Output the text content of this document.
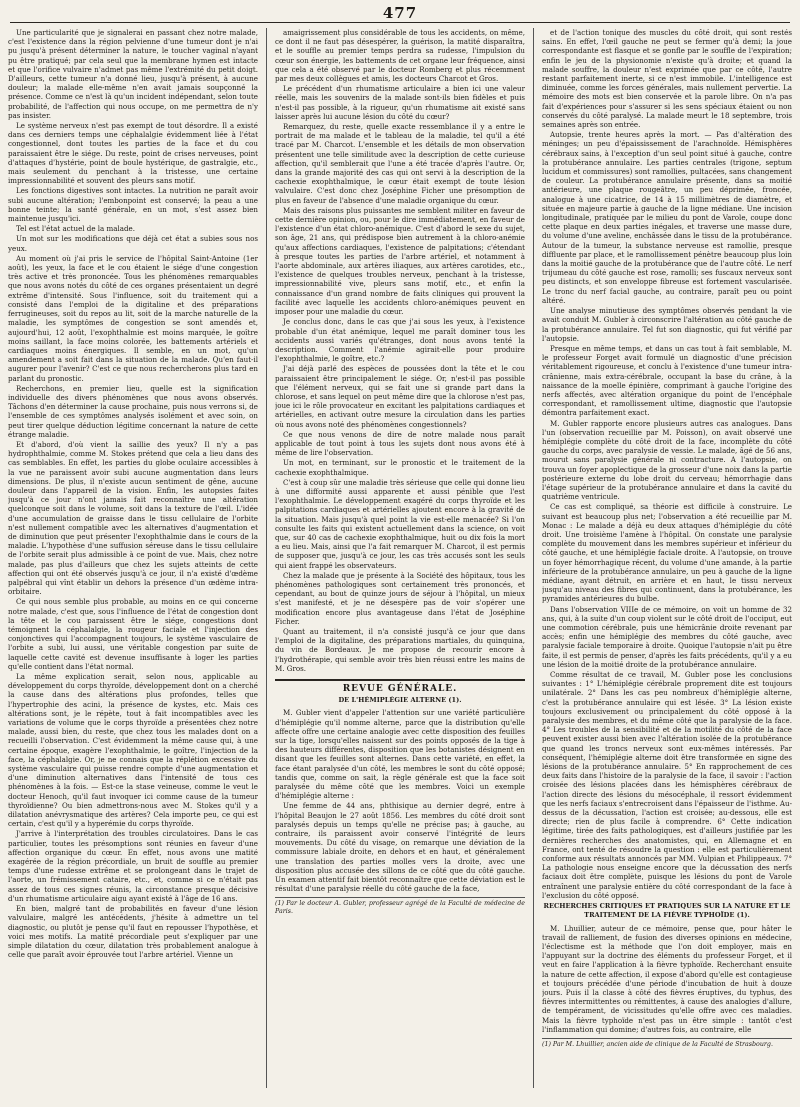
477

Une particularité que je signalerai en passant chez notre malade, c'est l'existence dans la région pelvienne d'une tumeur dont je n'ai pu jusqu'à présent déterminer la nature, le toucher vaginal n'ayant pu être pratiqué; par cela seul que la membrane hymen est intacte et que l'orifice vulvaire n'admet pas même l'extrémité du petit doigt. D'ailleurs, cette tumeur n'a donné lieu, jusqu'à présent, à aucune douleur; la malade elle-même n'en avait jamais soupçonné la présence. Comme ce n'est là qu'un incident indépendant, selon toute probabilité, de l'affection qui nous occupe, on me permettra de n'y pas insister.

Le système nerveux n'est pas exempt de tout désordre. Il a existé dans ces derniers temps une céphalalgie évidemment liée à l'état congestionnel, dont toutes les parties de la face et du cou paraissaient être le siége. Du reste, point de crises nerveuses, point d'attaques d'hystérie, point de boule hystérique, de gastralgie, etc., mais seulement du penchant à la tristesse, une certaine impressionnabilité et souvent des pleurs sans motif.

Les fonctions digestives sont intactes. La nutrition ne paraît avoir subi aucune altération; l'embonpoint est conservé; la peau a une bonne teinte; la santé générale, en un mot, s'est assez bien maintenue jusqu'ici.

Tel est l'état actuel de la malade.

Un mot sur les modifications que déjà cet état a subies sous nos yeux.

Au moment où j'ai pris le service de l'hôpital Saint-Antoine (1er août), les yeux, la face et le cou étaient le siége d'une congestion très active et très prononcée. Tous les phénomènes remarquables que nous avons notés du côté de ces organes présentaient un degré extrême d'intensité. Sous l'influence, soit du traitement qui a consisté dans l'emploi de la digitaline et des préparations ferrugineuses, soit du repos au lit, soit de la marche naturelle de la maladie, les symptômes de congestion se sont amendés et, aujourd'hui, 12 août, l'exophthalmie est moins marquée, le goître moins saillant, la face moins colorée, les battements artériels et cardiaques moins énergiques. Il semble, en un mot, qu'un amendement a soit fait dans la situation de la malade. Qu'en faut-il augurer pour l'avenir? C'est ce que nous rechercherons plus tard en parlant du pronostic.

Recherchons, en premier lieu, quelle est la signification individuelle des divers phénomènes que nous avons observés. Tâchons d'en déterminer la cause prochaine, puis nous verrons si, de l'ensemble de ces symptômes analysés isolément et avec soin, on peut tirer quelque déduction légitime concernant la nature de cette étrange maladie.

Et d'abord, d'où vient la saillie des yeux? Il n'y a pas hydrophthalmie, comme M. Stokes prétend que cela a lieu dans des cas semblables. En effet, les parties du globe oculaire accessibles à la vue ne paraissent avoir subi aucune augmentation dans leurs dimensions. De plus, il n'existe aucun sentiment de gêne, aucune douleur dans l'appareil de la vision. Enfin, les autopsies faites jusqu'à ce jour n'ont jamais fait reconnaître une altération quelconque soit dans le volume, soit dans la texture de l'œil. L'idée d'une accumulation de graisse dans le tissu cellulaire de l'orbite n'est nullement compatible avec les alternatives d'augmentation et de diminution que peut présenter l'exophthalmie dans le cours de la maladie. L'hypothèse d'une suffusion séreuse dans le tissu cellulaire de l'orbite serait plus admissible à ce point de vue. Mais, chez notre malade, pas plus d'ailleurs que chez les sujets atteints de cette affection qui ont été observés jusqu'à ce jour, il n'a existé d'œdème palpébral qui vînt établir un dehors la présence d'un œdème intra-orbitaire.

Ce qui nous semble plus probable, au moins en ce qui concerne notre malade, c'est que, sous l'influence de l'état de congestion dont la tête et le cou paraissent être le siége, congestions dont témoignent la céphalalgie, la rougeur faciale et l'injection des conjonctives qui l'accompagnent toujours, le système vasculaire de l'orbite a subi, lui aussi, une véritable congestion par suite de laquelle cette cavité est devenue insuffisante à loger les parties qu'elle contient dans l'état normal.

La même explication serait, selon nous, applicable au développement du corps thyroïde, développement dont on a cherché la cause dans des altérations plus profondes, telles que l'hypertrophie des acini, la présence de kystes, etc. Mais ces altérations sont, je le répète, tout à fait incompatibles avec les variations de volume que le corps thyroïde a présentées chez notre malade, aussi bien, du reste, que chez tous les malades dont on a recueilli l'observation. C'est évidemment la même cause qui, à une certaine époque, exagère l'exophthalmie, le goître, l'injection de la face, la céphalalgie. Or, je ne connais que la réplétion excessive du système vasculaire qui puisse rendre compte d'une augmentation et d'une diminution alternatives dans l'intensité de tous ces phénomènes à la fois. — Est-ce la stase veineuse, comme le veut le docteur Henoch, qu'il faut invoquer ici comme cause de la tumeur thyroïdienne? Ou bien admettrons-nous avec M. Stokes qu'il y a dilatation anévrysmatique des artères? Cela importe peu, ce qui est certain, c'est qu'il y a hyperémie du corps thyroïde.

J'arrive à l'interprétation des troubles circulatoires. Dans le cas particulier, toutes les présomptions sont réunies en faveur d'une affection organique du cœur. En effet, nous avons une matité exagérée de la région précordiale, un bruit de souffle au premier temps d'une rudesse extrême et se prolongeant dans le trajet de l'aorte, un frémissement cataire, etc., et, comme si ce n'était pas assez de tous ces signes réunis, la circonstance presque décisive d'un rhumatisme articulaire aigu ayant existé à l'âge de 16 ans.

En bien, malgré tant de probabilités en faveur d'une lésion valvulaire, malgré les antécédents, j'hésite à admettre un tel diagnostic, ou plutôt je pense qu'il faut en repousser l'hypothèse, et voici mes motifs. La matité précordiale peut s'expliquer par une simple dilatation du cœur, dilatation très probablement analogue à celle que paraît avoir éprouvée tout l'arbre artériel. Vienne un

amaigrissement plus considérable de tous les accidents, on même, ce dont il ne faut pas désespérer, la guérison, la matité disparaîtra, et le souffle au premier temps perdra sa rudesse, l'impulsion du cœur son énergie, les battements de cet organe leur fréquence, ainsi que cela a été observé par le docteur Romberg et plus récemment par mes deux collègues et amis, les docteurs Charcot et Gros.

Le précédent d'un rhumatisme articulaire a bien ici une valeur réelle, mais les souvenirs de la malade sont-ils bien fidèles et puis n'est-il pas possible, à la rigueur, qu'un rhumatisme ait existé sans laisser après lui aucune lésion du côté du cœur?

Remarquez, du reste, quelle exacte ressemblance il y a entre le portrait de ma malade et le tableau de la maladie, tel qu'il a été tracé par M. Charcot. L'ensemble et les détails de mon observation présentent une telle similitude avec la description de cette curieuse affection, qu'il semblerait que l'une a été tracée d'après l'autre. Or, dans la grande majorité des cas qui ont servi à la description de la cachexie exophthalmique, le cœur était exempt de toute lésion valvulaire. C'est donc chez Joséphine Ficher une présomption de plus en faveur de l'absence d'une maladie organique du cœur.

Mais des raisons plus puissantes me semblent militer en faveur de cette dernière opinion, ou, pour le dire immédiatement, en faveur de l'existence d'un état chloro-anémique. C'est d'abord le sexe du sujet, son âge, 21 ans, qui prédispose bien autrement à la chloro-anémie qu'aux affections cardiaques, l'existence de palpitations; c'étendant à presque toutes les parties de l'arbre artériel, et notamment à l'aorte abdominale, aux artères iliaques, aux artères carotides, etc., l'existence de quelques troubles nerveux, penchant à la tristesse, impressionnabilité vive, pleurs sans motif, etc., et enfin la connaissance d'un grand nombre de faits cliniques qui prouvent la facilité avec laquelle les accidents chloro-anémiques peuvent en imposer pour une maladie du cœur.

Je conclus donc, dans le cas que j'ai sous les yeux, à l'existence probable d'un état anémique, lequel me paraît dominer tous les accidents aussi variés qu'étranges, dont nous avons tenté la description. Comment l'anémie agirait-elle pour produire l'exophthalmie, le goître, etc.?

J'ai déjà parlé des espèces de poussées dont la tête et le cou paraissaient être principalement le siége. Or, n'est-il pas possible que l'élément nerveux, qui se fait une si grande part dans la chlorose, et sans lequel on peut même dire que la chlorose n'est pas, joue ici le rôle provocateur en excitant les palpitations cardiaques et artérielles, en activant outre mesure la circulation dans les parties où nous avons noté des phénomènes congestionnels?

Ce que nous venons de dire de notre malade nous paraît applicable de tout point à tous les sujets dont nous avons été à même de lire l'observation.

Un mot, en terminant, sur le pronostic et le traitement de la cachexie exophthalmique.

C'est à coup sûr une maladie très sérieuse que celle qui donne lieu à une difformité aussi apparente et aussi pénible que l'est l'exophthalmie. Le développement exagéré du corps thyroïde et les palpitations cardiaques et artérielles ajoutent encore à la gravité de la situation. Mais jusqu'à quel point la vie est-elle menacée? Si l'on consulte les faits qui existent actuellement dans la science, on voit que, sur 40 cas de cachexie exophthalmique, huit ou dix fois la mort a eu lieu. Mais, ainsi que l'a fait remarquer M. Charcot, il est permis de supposer que, jusqu'à ce jour, les cas très accusés sont les seuls qui aient frappé les observateurs.

Chez la malade que je présente à la Société des hôpitaux, tous les phénomènes pathologiques sont certainement très prononcés, et cependant, au bout de quinze jours de séjour à l'hôpital, un mieux s'est manifesté, et je ne désespère pas de voir s'opérer une modification encore plus avantageuse dans l'état de Joséphine Ficher.

Quant au traitement, il n'a consisté jusqu'à ce jour que dans l'emploi de la digitaline, des préparations martiales, du quinquina, du vin de Bordeaux. Je me propose de recourir encore à l'hydrothérapie, qui semble avoir très bien réussi entre les mains de M. Gros.

REVUE GÉNÉRALE.
DE L'HÉMIPLÉGIE ALTERNE (1).

M. Gubler vient d'appeler l'attention sur une variété particulière d'hémiplégie qu'il nomme alterne, parce que la distribution qu'elle affecte offre une certaine analogie avec cette disposition des feuilles sur la tige, lorsqu'elles naissent sur des points opposés de la tige à des hauteurs différentes, disposition que les botanistes désignent en disant que les feuilles sont alternes. Dans cette variété, en effet, la face étant paralysée d'un côté, les membres le sont du côté opposé; tandis que, comme on sait, la règle générale est que la face soit paralysée du même côté que les membres. Voici un exemple d'hémiplégie alterne :

Une femme de 44 ans, phthisique au dernier degré, entre à l'hôpital Beaujon le 27 août 1856. Les membres du côté droit sont paralysés depuis un temps qu'elle ne précise pas; à gauche, au contraire, ils paraissent avoir conservé l'intégrité de leurs mouvements. Du côté du visage, on remarque une déviation de la commissure labiale droite, en dehors et en haut, et généralement une translation des parties molles vers la droite, avec une disposition plus accusée des sillons de ce côté que du côté gauche. Un examen attentif fait bientôt reconnaître que cette déviation est le résultat d'une paralysie réelle du côté gauche de la face,

(1) Par le docteur A. Gubler, professeur agrégé de la Faculté de médecine de Paris.

et de l'action tonique des muscles du côté droit, qui sont restés sains. En effet, l'œil gauche ne peut se fermer qu'à demi; la joue correspondante est flasque et se gonfle par le souffle de l'expiration; enfin le jeu de la physionomie n'existe qu'à droite; et quand la malade souffre, la douleur n'est exprimée que par ce côté, l'autre restant parfaitement inerte, si ce n'est immobile. L'intelligence est diminuée, comme les forces générales, mais nullement pervertie. La mémoire des mots est bien conservée et la parole libre. On n'a pas fait d'expériences pour s'assurer si les sens spéciaux étaient ou non conservés du côté paralysé. La malade meurt le 18 septembre, trois semaines après son entrée.

Autopsie, trente heures après la mort. — Pas d'altération des méninges; un peu d'épaississement de l'arachnoïde. Hémisphères cérébraux sains, à l'exception d'un seul point situé à gauche, contre la protubérance annulaire. Les parties centrales (trigone, septum lucidum et commissures) sont ramollies, pultacées, sans changement de couleur. La protubérance annulaire présente, dans sa moitié antérieure, une plaque rougeâtre, un peu déprimée, froncée, analogue à une cicatrice, de 14 à 15 millimètres de diamètre, et située en majeure partie à gauche de la ligne médiane. Une incision longitudinale, pratiquée par le milieu du pont de Varole, coupe donc cette plaque en deux parties inégales, et traverse une masse dure, du volume d'une aveline, enchâssée dans le tissu de la protubérance. Autour de la tumeur, la substance nerveuse est ramollie, presque diffluente par place, et le ramollissement pénètre beaucoup plus loin dans la moitié gauche de la protubérance que de l'autre côté. Le nerf trijumeau du côté gauche est rose, ramolli; ses fuscaux nerveux sont peu distincts, et son enveloppe fibreuse est fortement vascularisée. Le tronc du nerf facial gauche, au contraire, paraît peu ou point altéré.

Une analyse minutieuse des symptômes observés pendant la vie avait conduit M. Gubler à circonscrire l'altération au côté gauche de la protubérance annulaire. Tel fut son diagnostic, qui fut vérifié par l'autopsie.

Presque en même temps, et dans un cas tout à fait semblable, M. le professeur Forget avait formulé un diagnostic d'une précision véritablement rigoureuse, et conclu à l'existence d'une tumeur intra-crânienne, mais extra-cérébrale, occupant la base du crâne, à la naissance de la moelle épinière, comprimant à gauche l'origine des nerfs affectés, avec altération organique du point de l'encéphale correspondant, et ramollissement ultime, diagnostic que l'autopsie démontra parfaitement exact.

M. Gubler rapporte encore plusieurs autres cas analogues. Dans l'un (observation recueillie par M. Poisson), on avait observé une hémiplégie complète du côté droit de la face, incomplète du côté gauche du corps, avec paralysie de vessie. Le malade, âgé de 56 ans, mourut sans paralysie générale ni contracture. A l'autopsie, on trouva un foyer apoplectique de la grosseur d'une noix dans la partie postérieure externe du lobe droit du cerveau; hémorrhagie dans l'étage supérieur de la protubérance annulaire et dans la cavité du quatrième ventricule.

Ce cas est compliqué, sa théorie est difficile à construire. Le suivant est beaucoup plus net; l'observation a été recueillie par M. Monac : Le malade a déjà eu deux attaques d'hémiplégie du côté droit. Une troisième l'amène à l'hôpital. On constate une paralysie complète du mouvement dans les membres supérieur et inférieur du côté gauche, et une hémiplégie faciale droite. A l'autopsie, on trouve un foyer hémorrhagique récent, du volume d'une amande, à la partie inférieure de la protubérance annulaire, un peu à gauche de la ligne médiane, ayant détruit, en arrière et en haut, le tissu nerveux jusqu'au niveau des fibres qui continuent, dans la protubérance, les pyramides antérieures du bulbe.

Dans l'observation VIIIe de ce mémoire, on voit un homme de 32 ans, qui, à la suite d'un coup violent sur le côté droit de l'occiput, eut une commotion cérébrale, puis une hémicrânie droite revenant par accès; enfin une hémiplégie des membres du côté gauche, avec paralysie faciale temporaire à droite. Quoique l'autopsie n'ait pu être faite, il est permis de penser, d'après les faits précédents, qu'il y a eu une lésion de la moitié droite de la protubérance annulaire.

Comme résultat de ce travail, M. Gubler pose les conclusions suivantes : 1° L'hémiplégie cérébrale proprement dite est toujours unilatérale. 2° Dans les cas peu nombreux d'hémiplégie alterne, c'est la protubérance annulaire qui est lésée. 3° La lésion existe toujours exclusivement ou principalement du côté opposé à la paralysie des membres, et du même côté que la paralysie de la face. 4° Les troubles de la sensibilité et de la motilité du côté de la face peuvent exister aussi bien avec l'altération isolée de la protubérance que quand les troncs nerveux sont eux-mêmes intéressés. Par conséquent, l'hémiplégie alterne doit être transformée en signe des lésions de la protubérance annulaire. 5° En rapprochement de ces deux faits dans l'histoire de la paralysie de la face, il savoir : l'action croisée des lésions placées dans les hémisphères cérébraux de l'action directe des lésions du mésocéphale, il ressort évidemment que les nerfs faciaux s'entrecroisent dans l'épaisseur de l'isthme. Au-dessus de la décussation, l'action est croisée; au-dessous, elle est directe; rien de plus facile à comprendre. 6° Cette indication légitime, tirée des faits pathologiques, est d'ailleurs justifiée par les dernières recherches des anatomistes, qui, en Allemagne et en France, ont tenté de résoudre la question : elle est particulièrement conforme aux résultats annoncés par MM. Vulpian et Philippeaux. 7° La pathologie nous enseigne encore que la décussation des nerfs faciaux doit être complète, puisque les lésions du pont de Varole entraînent une paralysie entière du côté correspondant de la face à l'exclusion du côté opposé.

RECHERCHES CRITIQUES ET PRATIQUES SUR LA NATURE ET LE TRAITEMENT DE LA FIÈVRE TYPHOÏDE (1).

M. Lhuillier, auteur de ce mémoire, pense que, pour hâter le travail de ralliement, de fusion des diverses opinions en médecine, l'éclectisme est la méthode que l'on doit employer, mais en l'appuyant sur la doctrine des éléments du professeur Forget, et il veut en faire l'application à la fièvre typhoïde. Recherchant ensuite la nature de cette affection, il expose d'abord qu'elle est contagieuse et toujours précédée d'une période d'incubation de huit à douze jours. Puis il la classe à côté des fièvres éruptives, du typhus, des fièvres intermittentes ou rémittentes, à cause des analogies d'allure, de tempérament, de vicissitudes qu'elle offre avec ces maladies. Mais la fièvre typhoïde n'est pas un être simple : tantôt c'est l'inflammation qui domine; d'autres fois, au contraire, elle

(1) Par M. Lhuillier, ancien aide de clinique de la Faculté de Strasbourg.
